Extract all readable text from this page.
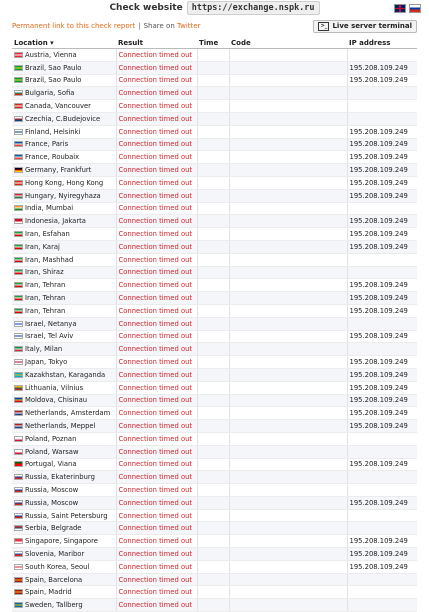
Check website	https://exchange.nspk.ru
Permanent link to this check report | Share on
Twitter	>_ Live server terminal
Location ▾	Result	Time	Code	IP address

Austria, Vienna	Connection timed out			

Brazil, Sao Paulo	Connection timed out			195.208.109.249

Brazil, Sao Paulo	Connection timed out			195.208.109.249

Bulgaria, Sofia	Connection timed out			

Canada, Vancouver	Connection timed out			

Czechia, C.Budejovice	Connection timed out			

Finland, Helsinki	Connection timed out			195.208.109.249

France, Paris	Connection timed out			195.208.109.249

France, Roubaix	Connection timed out			195.208.109.249

Germany, Frankfurt	Connection timed out			195.208.109.249

Hong Kong, Hong Kong	Connection timed out			195.208.109.249

Hungary, Nyiregyhaza	Connection timed out			195.208.109.249

India, Mumbai	Connection timed out			

Indonesia, Jakarta	Connection timed out			195.208.109.249

Iran, Esfahan	Connection timed out			195.208.109.249

Iran, Karaj	Connection timed out			195.208.109.249

Iran, Mashhad	Connection timed out			

Iran, Shiraz	Connection timed out			

Iran, Tehran	Connection timed out			195.208.109.249

Iran, Tehran	Connection timed out			195.208.109.249

Iran, Tehran	Connection timed out			195.208.109.249

Israel, Netanya	Connection timed out			

Israel, Tel Aviv	Connection timed out			195.208.109.249

Italy, Milan	Connection timed out			

Japan, Tokyo	Connection timed out			195.208.109.249

Kazakhstan, Karaganda	Connection timed out			195.208.109.249

Lithuania, Vilnius	Connection timed out			195.208.109.249

Moldova, Chisinau	Connection timed out			195.208.109.249

Netherlands, Amsterdam	Connection timed out			195.208.109.249

Netherlands, Meppel	Connection timed out			195.208.109.249

Poland, Poznan	Connection timed out			

Poland, Warsaw	Connection timed out			

Portugal, Viana	Connection timed out			195.208.109.249

Russia, Ekaterinburg	Connection timed out			

Russia, Moscow	Connection timed out			

Russia, Moscow	Connection timed out			195.208.109.249

Russia, Saint Petersburg	Connection timed out			

Serbia, Belgrade	Connection timed out			

Singapore, Singapore	Connection timed out			195.208.109.249

Slovenia, Maribor	Connection timed out			195.208.109.249

South Korea, Seoul	Connection timed out			195.208.109.249

Spain, Barcelona	Connection timed out			

Spain, Madrid	Connection timed out			

Sweden, Tallberg	Connection timed out			
